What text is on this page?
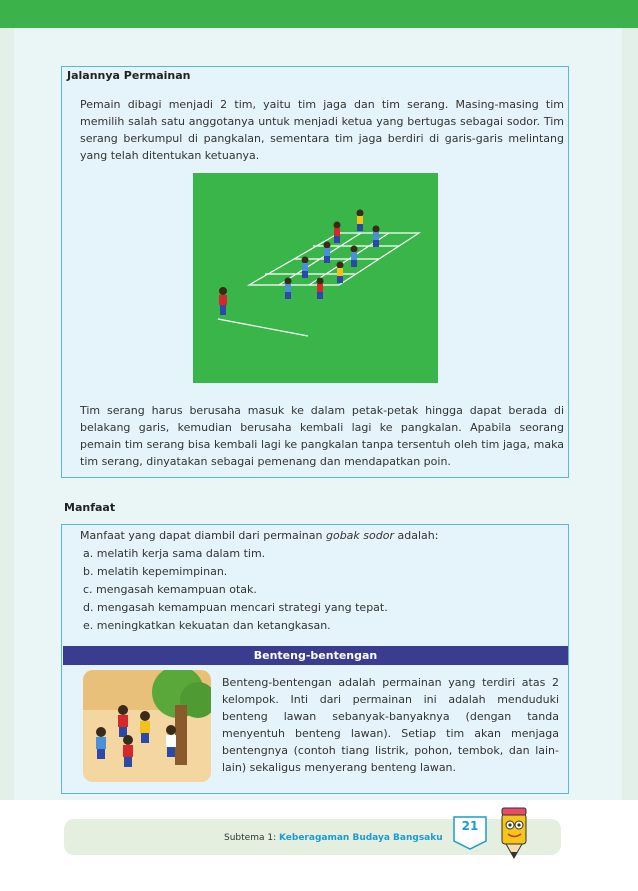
Jalannya Permainan
Pemain dibagi menjadi 2 tim, yaitu tim jaga dan tim serang. Masing-masing tim memilih salah satu anggotanya untuk menjadi ketua yang bertugas sebagai sodor. Tim serang berkumpul di pangkalan, sementara tim jaga berdiri di garis-garis melintang yang telah ditentukan ketuanya.
Tim serang harus berusaha masuk ke dalam petak-petak hingga dapat berada di belakang garis, kemudian berusaha kembali lagi ke pangkalan. Apabila seorang pemain tim serang bisa kembali lagi ke pangkalan tanpa tersentuh oleh tim jaga, maka tim serang, dinyatakan sebagai pemenang dan mendapatkan poin.
Manfaat
Manfaat yang dapat diambil dari permainan gobak sodor adalah:
a. melatih kerja sama dalam tim.
b. melatih kepemimpinan.
c. mengasah kemampuan otak.
d. mengasah kemampuan mencari strategi yang tepat.
e. meningkatkan kekuatan dan ketangkasan.
Benteng-bentengan
Benteng-bentengan adalah permainan yang terdiri atas 2 kelompok. Inti dari permainan ini adalah menduduki benteng lawan sebanyak-banyaknya (dengan tanda menyentuh benteng lawan). Setiap tim akan menjaga bentengnya (contoh tiang listrik, pohon, tembok, dan lain-lain) sekaligus menyerang benteng lawan.
Subtema 1: Keberagaman Budaya Bangsaku
21
